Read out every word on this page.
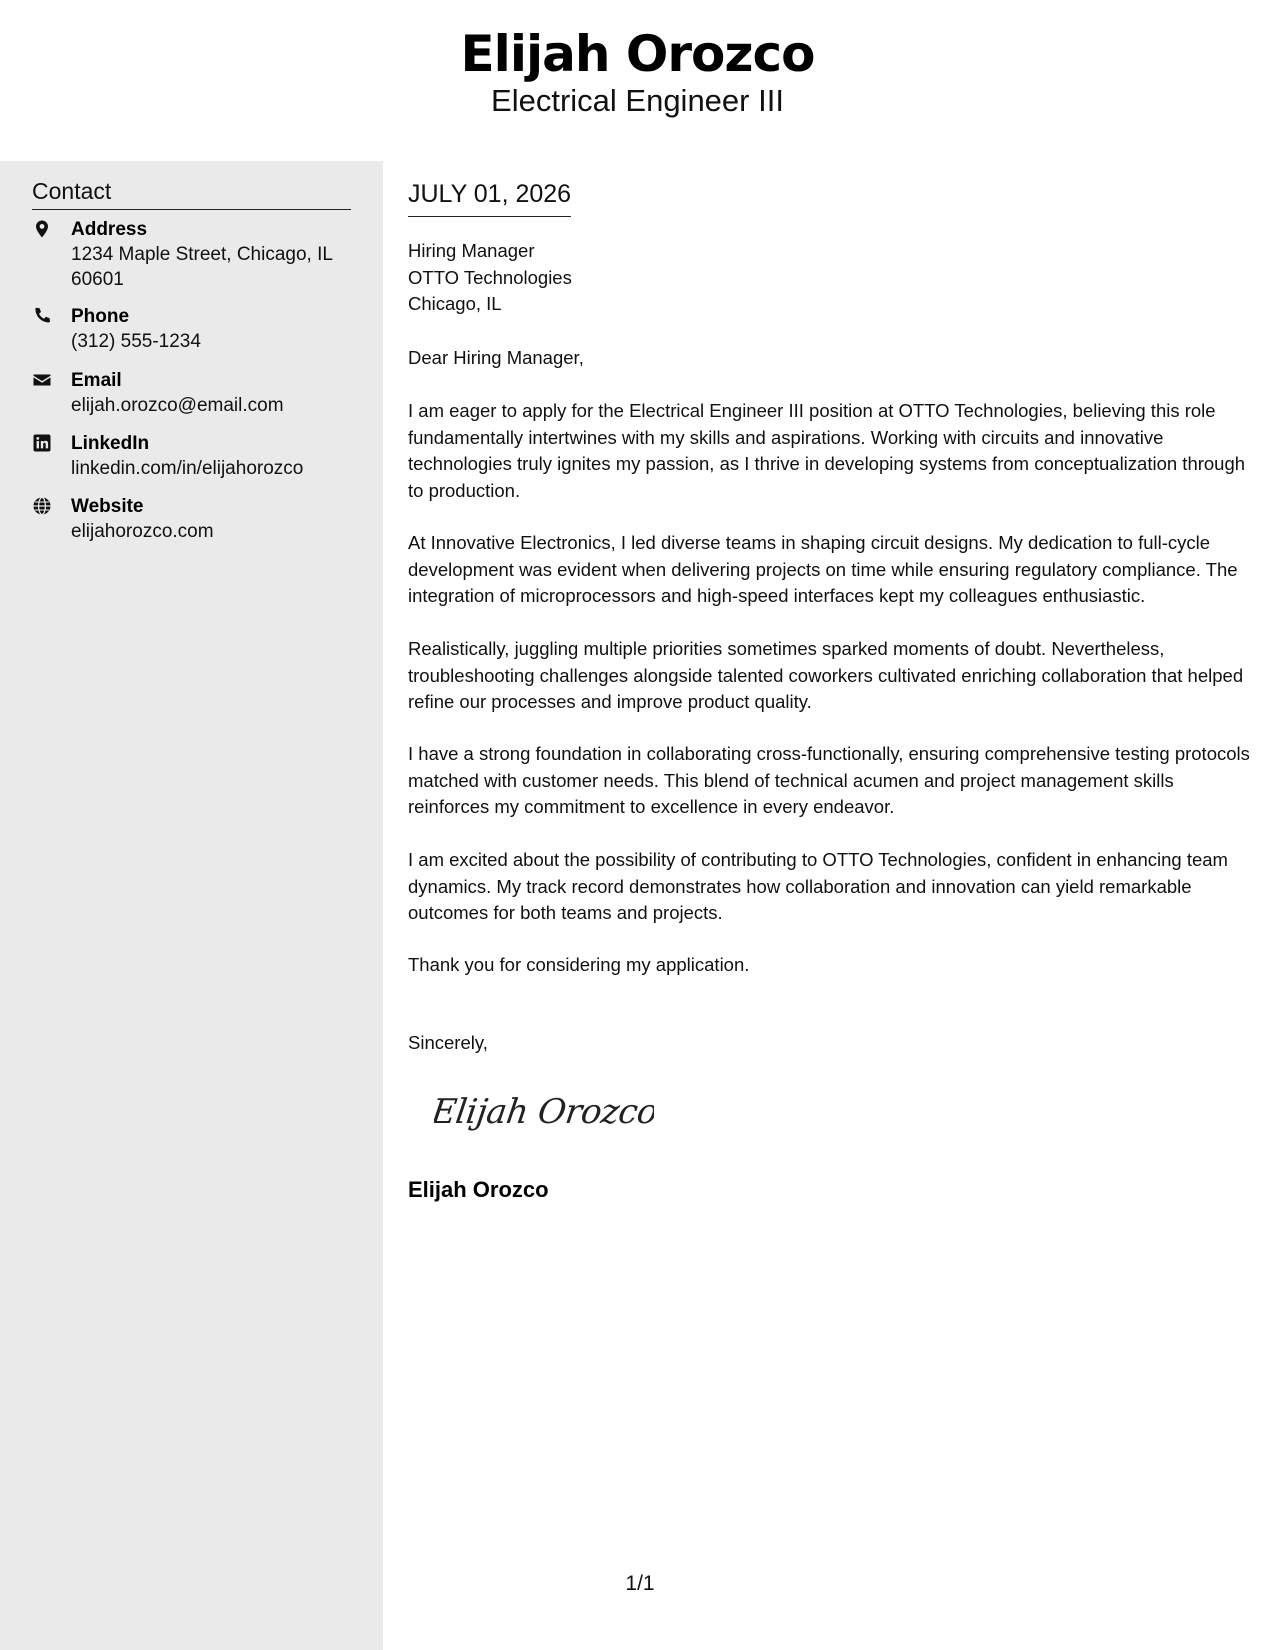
Elijah Orozco
Electrical Engineer III
Contact
Address
1234 Maple Street, Chicago, IL 60601
Phone
(312) 555-1234
Email
elijah.orozco@email.com
LinkedIn
linkedin.com/in/elijahorozco
Website
elijahorozco.com
JULY 01, 2026
Hiring Manager
OTTO Technologies
Chicago, IL
Dear Hiring Manager,
I am eager to apply for the Electrical Engineer III position at OTTO Technologies, believing this role fundamentally intertwines with my skills and aspirations. Working with circuits and innovative technologies truly ignites my passion, as I thrive in developing systems from conceptualization through to production.
At Innovative Electronics, I led diverse teams in shaping circuit designs. My dedication to full-cycle development was evident when delivering projects on time while ensuring regulatory compliance. The integration of microprocessors and high-speed interfaces kept my colleagues enthusiastic.
Realistically, juggling multiple priorities sometimes sparked moments of doubt. Nevertheless, troubleshooting challenges alongside talented coworkers cultivated enriching collaboration that helped refine our processes and improve product quality.
I have a strong foundation in collaborating cross-functionally, ensuring comprehensive testing protocols matched with customer needs. This blend of technical acumen and project management skills reinforces my commitment to excellence in every endeavor.
I am excited about the possibility of contributing to OTTO Technologies, confident in enhancing team dynamics. My track record demonstrates how collaboration and innovation can yield remarkable outcomes for both teams and projects.
Thank you for considering my application.
Sincerely,
Elijah Orozco
Elijah Orozco
1/1
